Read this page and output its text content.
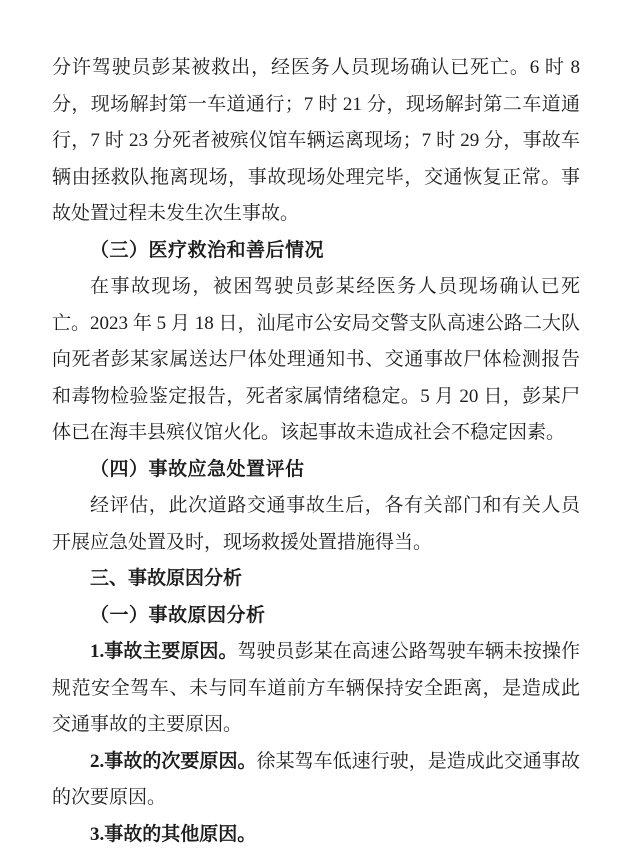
分许驾驶员彭某被救出，经医务人员现场确认已死亡。6 时 8 分，现场解封第一车道通行；7 时 21 分，现场解封第二车道通行，7 时 23 分死者被殡仪馆车辆运离现场；7 时 29 分，事故车辆由拯救队拖离现场，事故现场处理完毕，交通恢复正常。事故处置过程未发生次生事故。

（三）医疗救治和善后情况

在事故现场，被困驾驶员彭某经医务人员现场确认已死亡。2023 年 5 月 18 日，汕尾市公安局交警支队高速公路二大队向死者彭某家属送达尸体处理通知书、交通事故尸体检测报告和毒物检验鉴定报告，死者家属情绪稳定。5 月 20 日，彭某尸体已在海丰县殡仪馆火化。该起事故未造成社会不稳定因素。

（四）事故应急处置评估

经评估，此次道路交通事故生后，各有关部门和有关人员开展应急处置及时，现场救援处置措施得当。

三、事故原因分析

（一）事故原因分析

1.事故主要原因。驾驶员彭某在高速公路驾驶车辆未按操作规范安全驾车、未与同车道前方车辆保持安全距离，是造成此交通事故的主要原因。

2.事故的次要原因。徐某驾车低速行驶，是造成此交通事故的次要原因。

3.事故的其他原因。
